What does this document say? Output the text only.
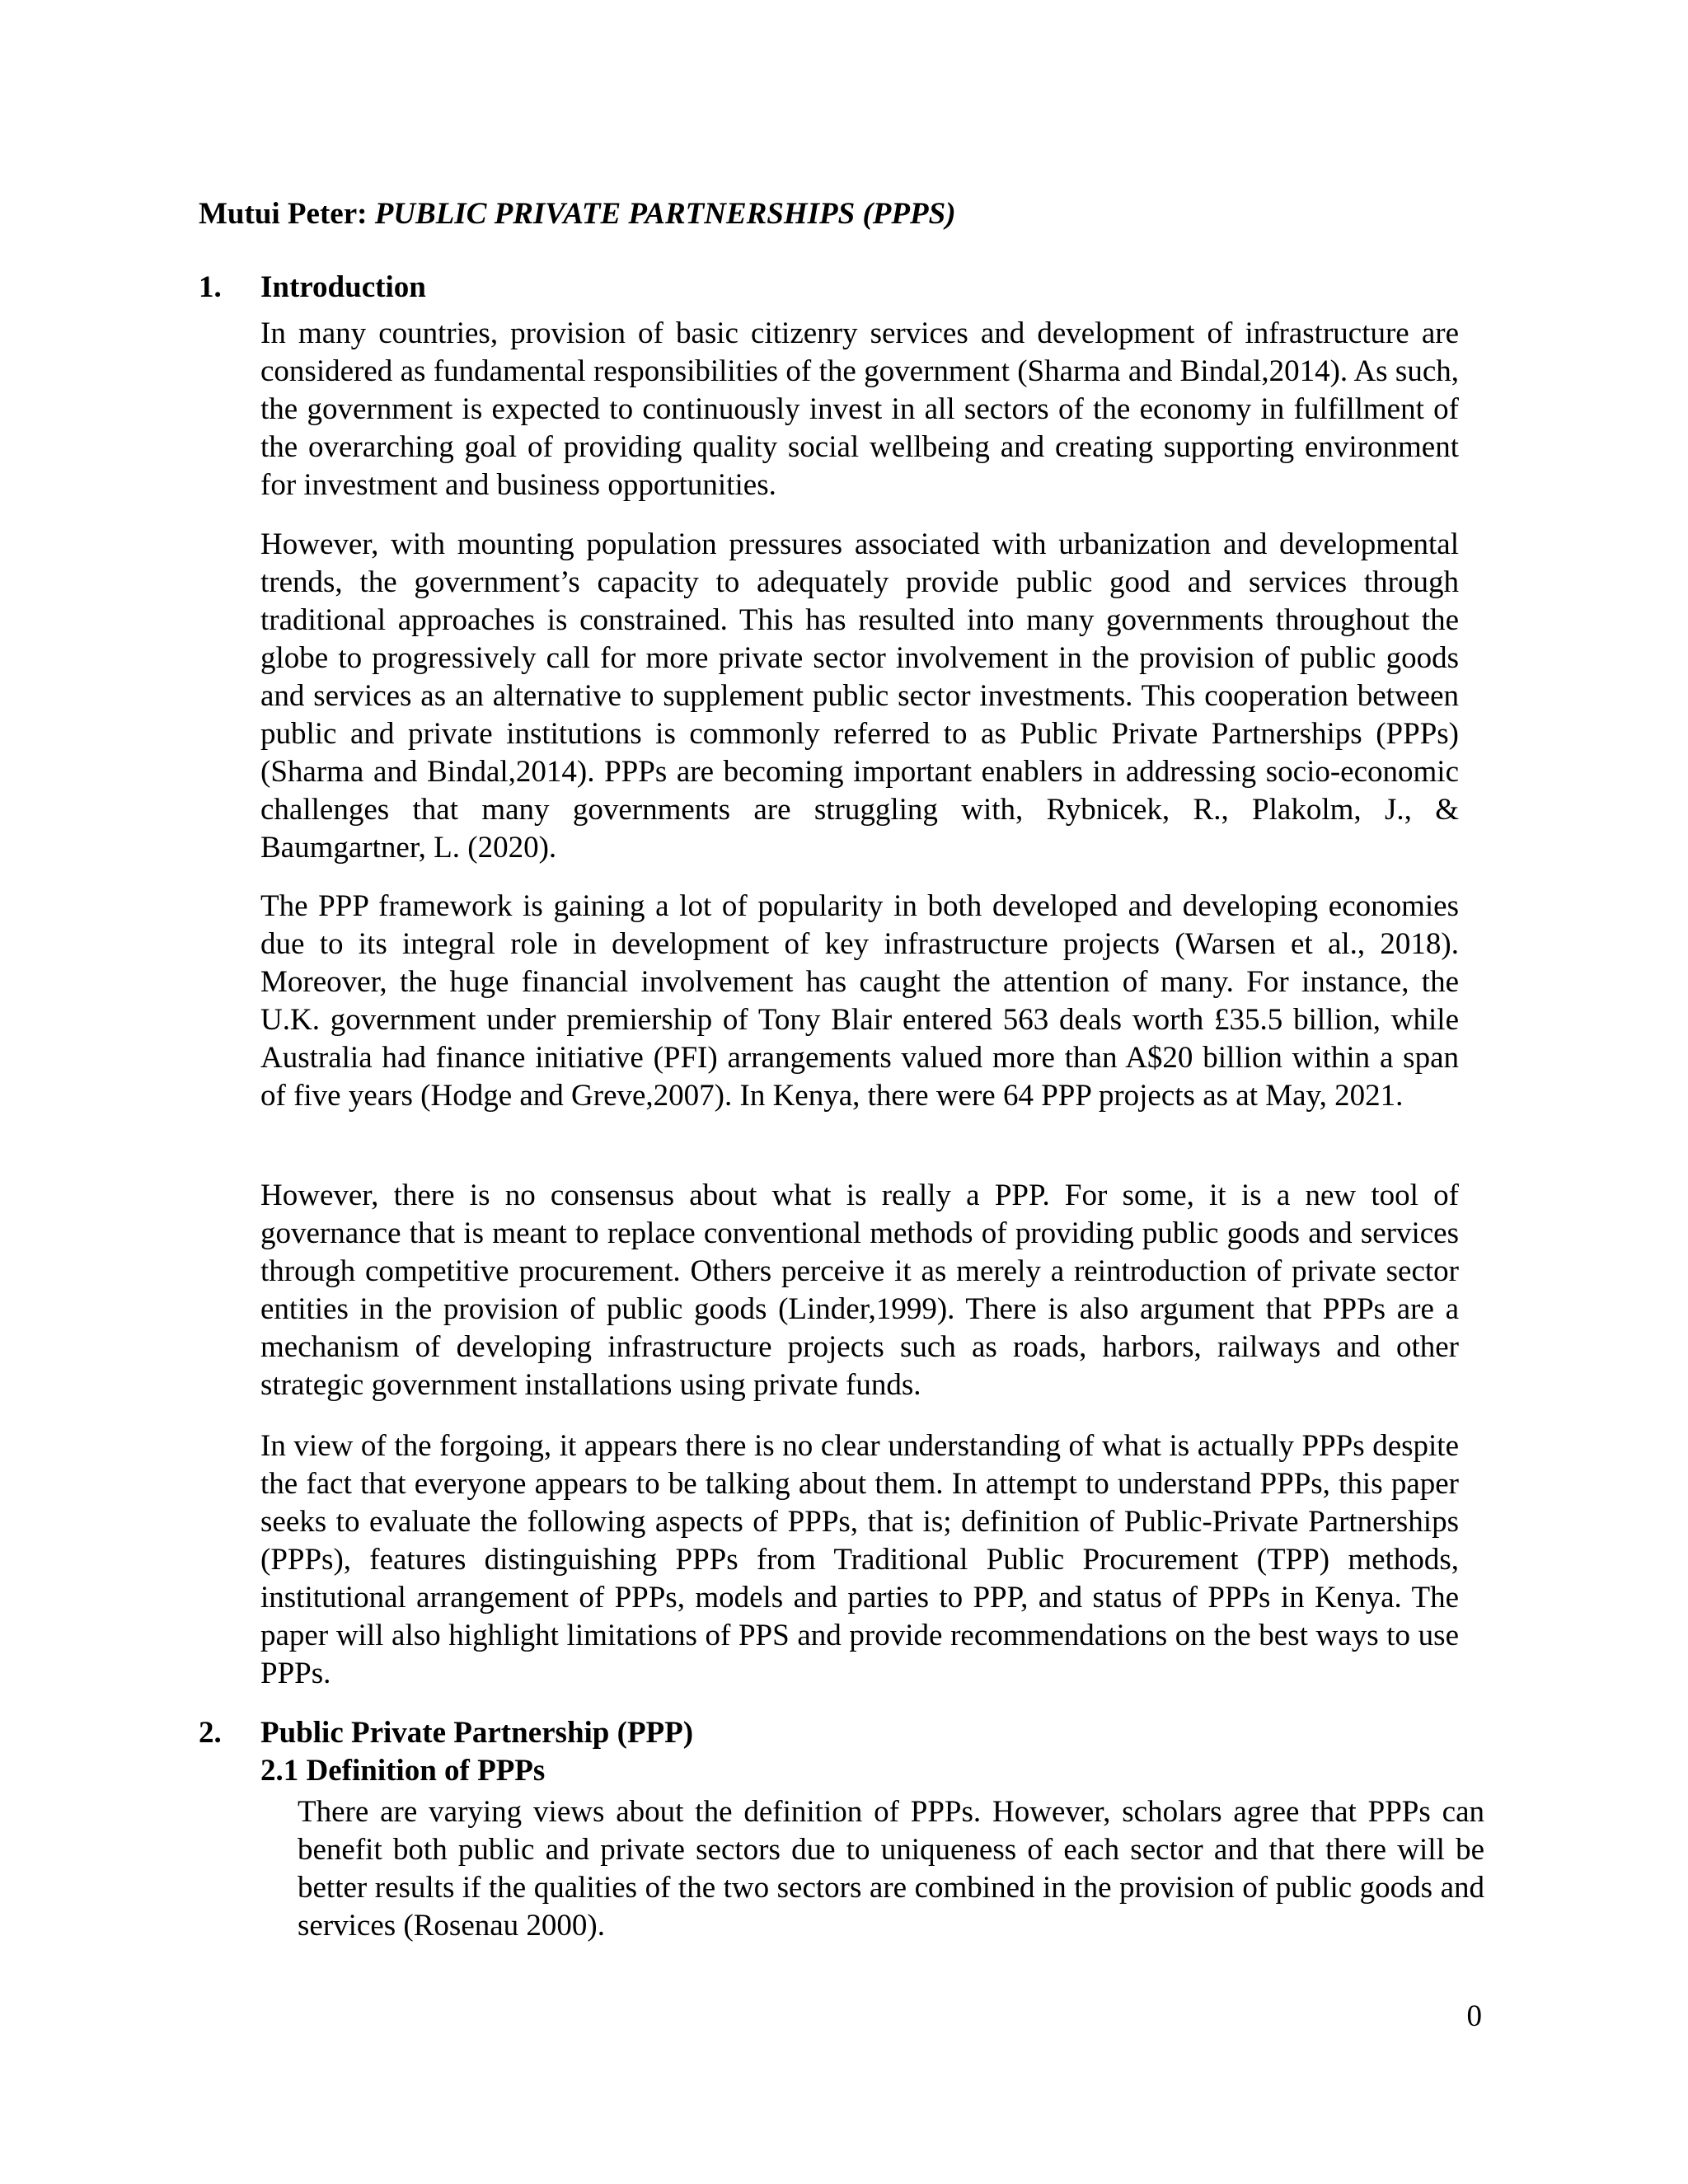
Mutui Peter: PUBLIC PRIVATE PARTNERSHIPS (PPPS)
1. Introduction

In many countries, provision of basic citizenry services and development of infrastructure are considered as fundamental responsibilities of the government (Sharma and Bindal,2014). As such, the government is expected to continuously invest in all sectors of the economy in fulfillment of the overarching goal of providing quality social wellbeing and creating supporting environment for investment and business opportunities.

However, with mounting population pressures associated with urbanization and developmental trends, the government’s capacity to adequately provide public good and services through traditional approaches is constrained. This has resulted into many governments throughout the globe to progressively call for more private sector involvement in the provision of public goods and services as an alternative to supplement public sector investments. This cooperation between public and private institutions is commonly referred to as Public Private Partnerships (PPPs) (Sharma and Bindal,2014). PPPs are becoming important enablers in addressing socio-economic challenges that many governments are struggling with, Rybnicek, R., Plakolm, J., & Baumgartner, L. (2020).

The PPP framework is gaining a lot of popularity in both developed and developing economies due to its integral role in development of key infrastructure projects (Warsen et al., 2018). Moreover, the huge financial involvement has caught the attention of many. For instance, the U.K. government under premiership of Tony Blair entered 563 deals worth £35.5 billion, while Australia had finance initiative (PFI) arrangements valued more than A$20 billion within a span of five years (Hodge and Greve,2007). In Kenya, there were 64 PPP projects as at May, 2021.

However, there is no consensus about what is really a PPP. For some, it is a new tool of governance that is meant to replace conventional methods of providing public goods and services through competitive procurement. Others perceive it as merely a reintroduction of private sector entities in the provision of public goods (Linder,1999). There is also argument that PPPs are a mechanism of developing infrastructure projects such as roads, harbors, railways and other strategic government installations using private funds.

In view of the forgoing, it appears there is no clear understanding of what is actually PPPs despite the fact that everyone appears to be talking about them. In attempt to understand PPPs, this paper seeks to evaluate the following aspects of PPPs, that is; definition of Public-Private Partnerships (PPPs), features distinguishing PPPs from Traditional Public Procurement (TPP) methods, institutional arrangement of PPPs, models and parties to PPP, and status of PPPs in Kenya. The paper will also highlight limitations of PPS and provide recommendations on the best ways to use PPPs.

2. Public Private Partnership (PPP)
2.1 Definition of PPPs

There are varying views about the definition of PPPs. However, scholars agree that PPPs can benefit both public and private sectors due to uniqueness of each sector and that there will be better results if the qualities of the two sectors are combined in the provision of public goods and services (Rosenau 2000).

0
